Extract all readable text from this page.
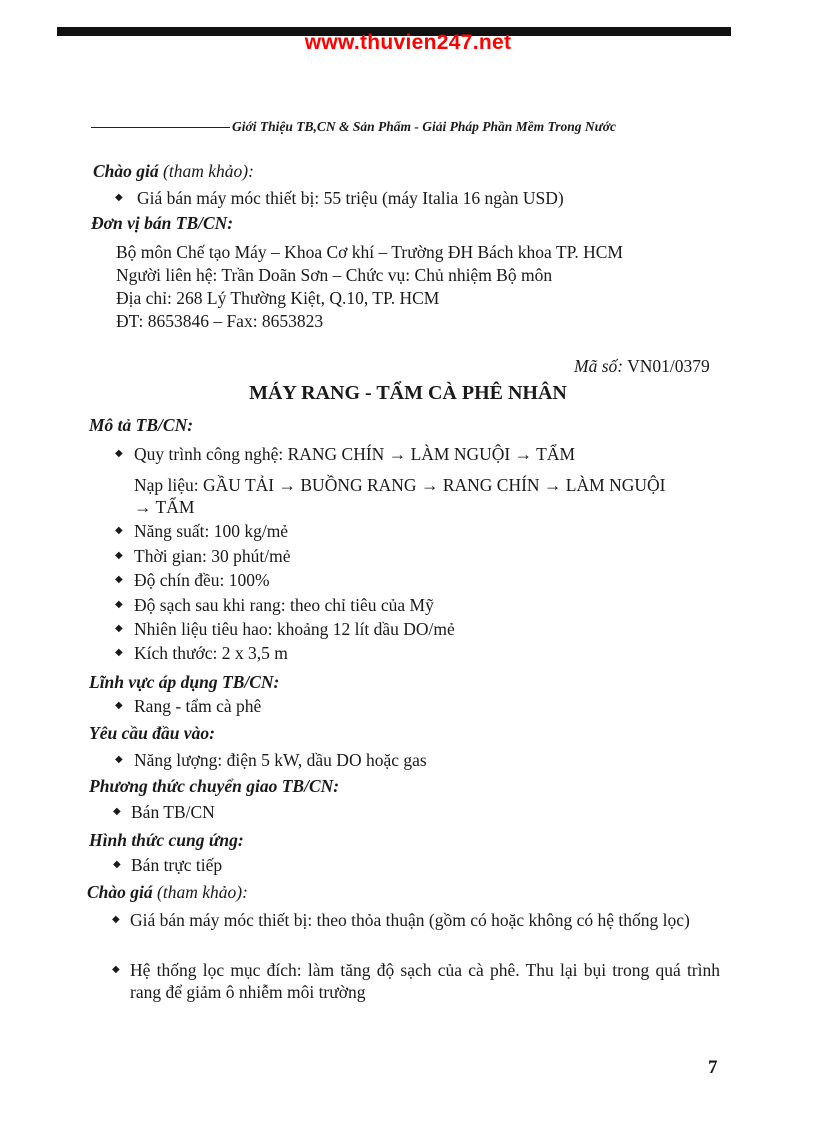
www.thuvien247.net
Giới Thiệu TB,CN & Sản Phẩm - Giải Pháp Phần Mềm Trong Nước
Chào giá (tham khảo):
◆ Giá bán máy móc thiết bị: 55 triệu (máy Italia 16 ngàn USD)
Đơn vị bán TB/CN:
Bộ môn Chế tạo Máy – Khoa Cơ khí – Trường ĐH Bách khoa TP. HCM
Người liên hệ: Trần Doãn Sơn – Chức vụ: Chủ nhiệm Bộ môn
Địa chỉ: 268 Lý Thường Kiệt, Q.10, TP. HCM
ĐT: 8653846 – Fax: 8653823
Mã số: VN01/0379
MÁY RANG - TẨM CÀ PHÊ NHÂN
Mô tả TB/CN:
◆ Quy trình công nghệ: RANG CHÍN → LÀM NGUỘI → TẨM
Nạp liệu: GẦU TẢI → BUỒNG RANG → RANG CHÍN → LÀM NGUỘI
→ TẨM
◆ Năng suất: 100 kg/mẻ
◆ Thời gian: 30 phút/mẻ
◆ Độ chín đều: 100%
◆ Độ sạch sau khi rang: theo chỉ tiêu của Mỹ
◆ Nhiên liệu tiêu hao: khoảng 12 lít dầu DO/mẻ
◆ Kích thước: 2 x 3,5 m
Lĩnh vực áp dụng TB/CN:
◆ Rang - tẩm cà phê
Yêu cầu đầu vào:
◆ Năng lượng: điện 5 kW, dầu DO hoặc gas
Phương thức chuyển giao TB/CN:
◆ Bán TB/CN
Hình thức cung ứng:
◆ Bán trực tiếp
Chào giá (tham khảo):
◆ Giá bán máy móc thiết bị: theo thỏa thuận (gồm có hoặc không có hệ thống lọc)
◆ Hệ thống lọc mục đích: làm tăng độ sạch của cà phê. Thu lại bụi trong quá trình rang để giảm ô nhiễm môi trường
7
